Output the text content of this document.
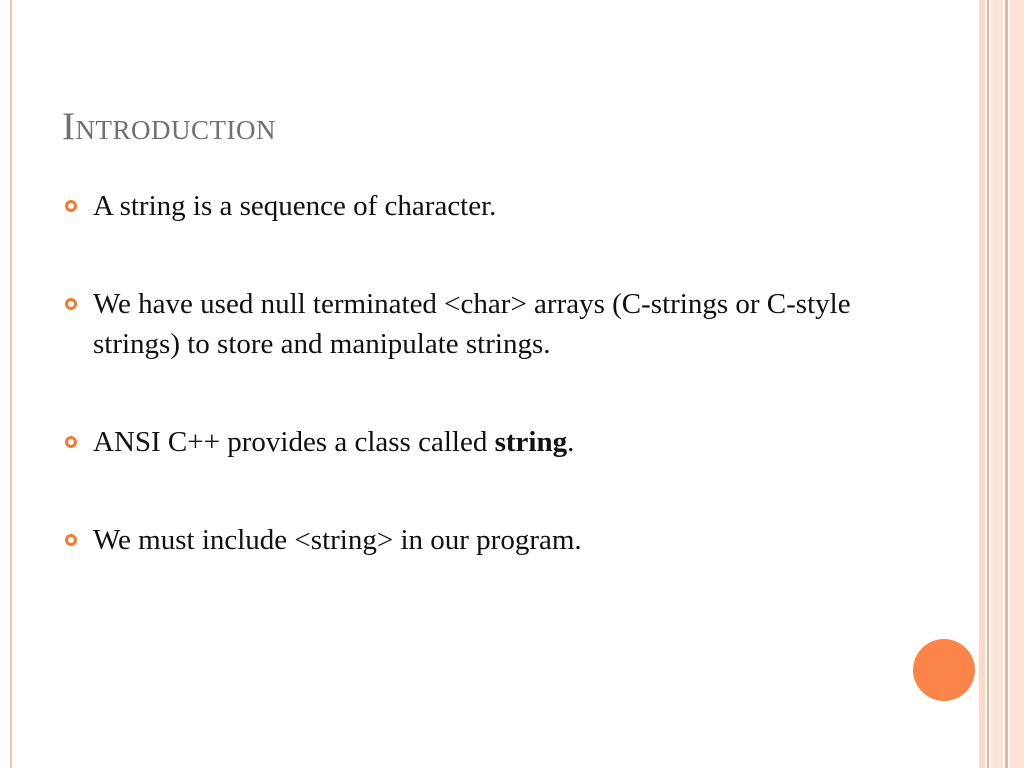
Introduction
A string is a sequence of character.
We have used null terminated <char> arrays (C-strings or C-style strings) to store and manipulate strings.
ANSI C++ provides a class called string.
We must include <string> in our program.
